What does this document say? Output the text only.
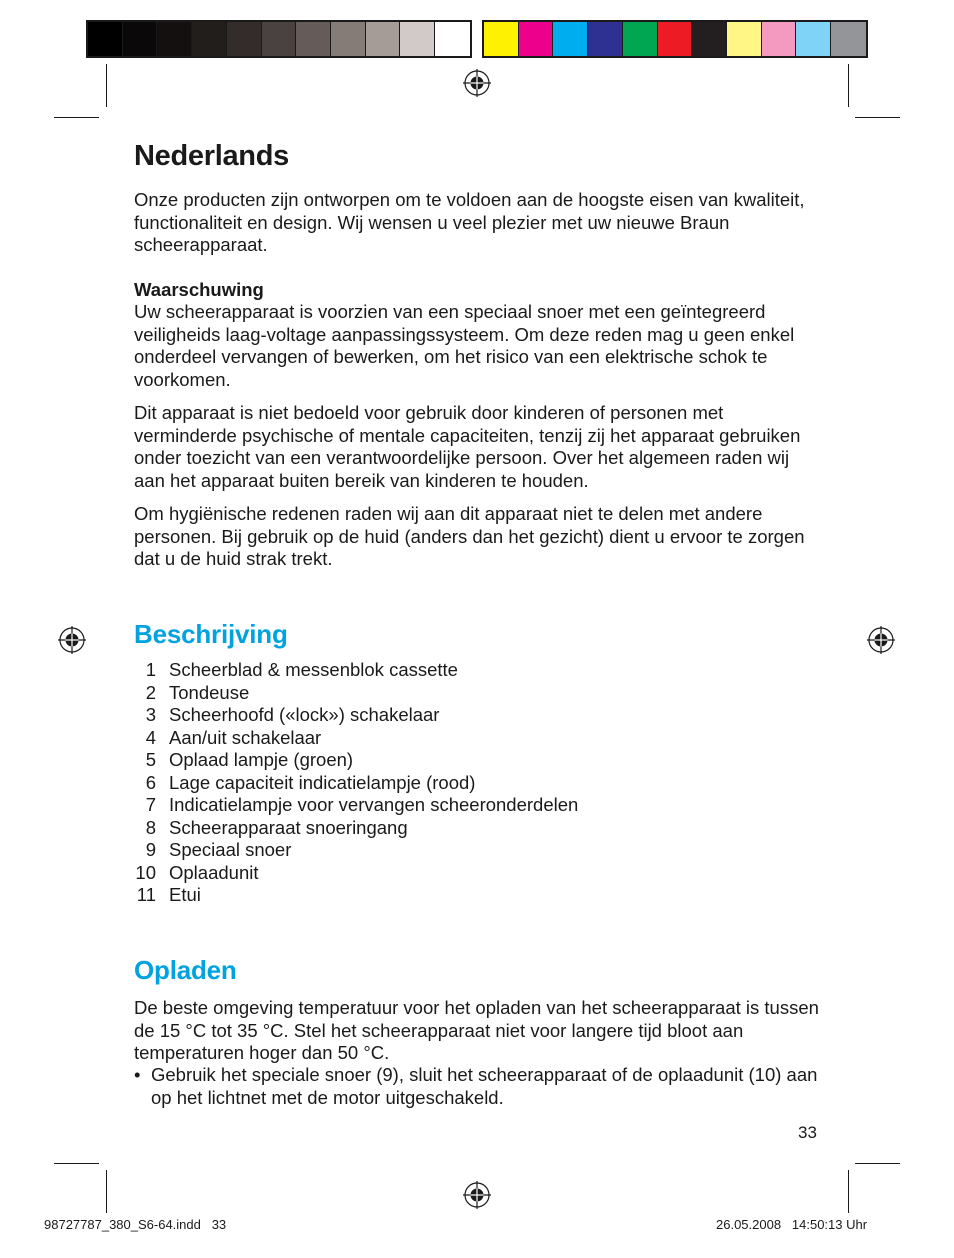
Nederlands

Onze producten zijn ontworpen om te voldoen aan de hoogste eisen van kwaliteit, functionaliteit en design. Wij wensen u veel plezier met uw nieuwe Braun scheerapparaat.

Waarschuwing

Uw scheerapparaat is voorzien van een speciaal snoer met een geïntegreerd veiligheids laag-voltage aanpassingssysteem. Om deze reden mag u geen enkel onderdeel vervangen of bewerken, om het risico van een elektrische schok te voorkomen.

Dit apparaat is niet bedoeld voor gebruik door kinderen of personen met verminderde psychische of mentale capaciteiten, tenzij zij het apparaat gebruiken onder toezicht van een verantwoordelijke persoon. Over het algemeen raden wij aan het apparaat buiten bereik van kinderen te houden.

Om hygiënische redenen raden wij aan dit apparaat niet te delen met andere personen. Bij gebruik op de huid (anders dan het gezicht) dient u ervoor te zorgen dat u de huid strak trekt.

Beschrijving
1 Scheerblad & messenblok cassette
2 Tondeuse
3 Scheerhoofd («lock») schakelaar
4 Aan/uit schakelaar
5 Oplaad lampje (groen)
6 Lage capaciteit indicatielampje (rood)
7 Indicatielampje voor vervangen scheeronderdelen
8 Scheerapparaat snoeringang
9 Speciaal snoer
10 Oplaadunit
11 Etui
Opladen

De beste omgeving temperatuur voor het opladen van het scheerapparaat is tussen de 15 °C tot 35 °C. Stel het scheerapparaat niet voor langere tijd bloot aan temperaturen hoger dan 50 °C.

• Gebruik het speciale snoer (9), sluit het scheerapparaat of de oplaadunit (10) aan op het lichtnet met de motor uitgeschakeld.
33
98727787_380_S6-64.indd   33	26.05.2008   14:50:13 Uhr
